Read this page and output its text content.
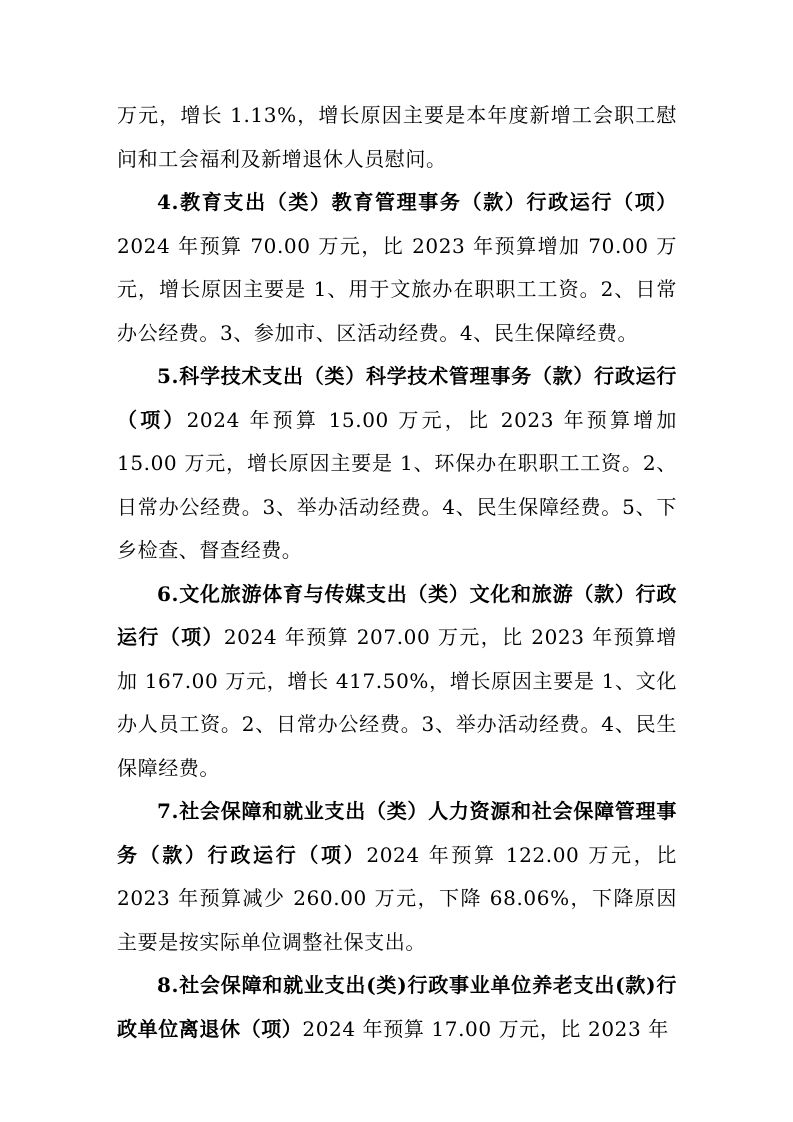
万元，增长 1.13%，增长原因主要是本年度新增工会职工慰问和工会福利及新增退休人员慰问。

4.教育支出（类）教育管理事务（款）行政运行（项）2024 年预算 70.00 万元，比 2023 年预算增加 70.00 万元，增长原因主要是 1、用于文旅办在职职工工资。2、日常办公经费。3、参加市、区活动经费。4、民生保障经费。

5.科学技术支出（类）科学技术管理事务（款）行政运行（项）2024 年预算 15.00 万元，比 2023 年预算增加 15.00 万元，增长原因主要是 1、环保办在职职工工资。2、日常办公经费。3、举办活动经费。4、民生保障经费。5、下乡检查、督查经费。

6.文化旅游体育与传媒支出（类）文化和旅游（款）行政运行（项）2024 年预算 207.00 万元，比 2023 年预算增加 167.00 万元，增长 417.50%，增长原因主要是 1、文化办人员工资。2、日常办公经费。3、举办活动经费。4、民生保障经费。

7.社会保障和就业支出（类）人力资源和社会保障管理事务（款）行政运行（项）2024 年预算 122.00 万元，比 2023 年预算减少 260.00 万元，下降 68.06%，下降原因主要是按实际单位调整社保支出。

8.社会保障和就业支出(类)行政事业单位养老支出(款)行政单位离退休（项）2024 年预算 17.00 万元，比 2023 年
